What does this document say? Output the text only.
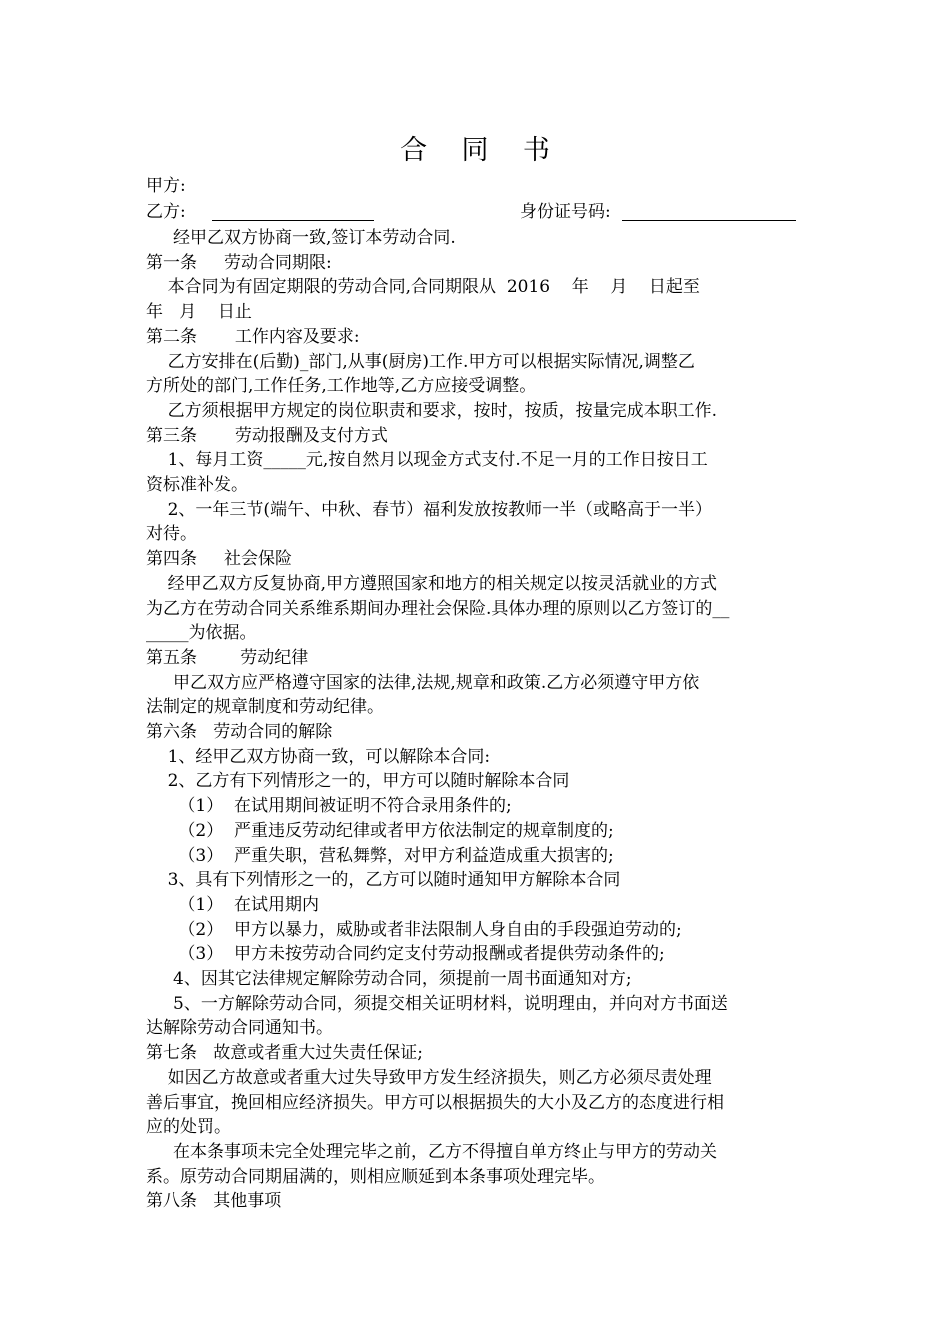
合    同    书
甲方:
乙方:	身份证号码:
经甲乙双方协商一致,签订本劳动合同.
第一条     劳动合同期限:
本合同为有固定期限的劳动合同,合同期限从  2016    年    月    日起至
年   月    日止
第二条       工作内容及要求:
乙方安排在(后勤)_部门,从事(厨房)工作.甲方可以根据实际情况,调整乙
方所处的部门,工作任务,工作地等,乙方应接受调整。
乙方须根据甲方规定的岗位职责和要求，按时，按质，按量完成本职工作.
第三条       劳动报酬及支付方式
1、每月工资_____元,按自然月以现金方式支付.不足一月的工作日按日工
资标准补发。
2、一年三节(端午、中秋、春节）福利发放按教师一半（或略高于一半）
对待。
第四条     社会保险
经甲乙双方反复协商,甲方遵照国家和地方的相关规定以按灵活就业的方式
为乙方在劳动合同关系维系期间办理社会保险.具体办理的原则以乙方签订的__
_____为依据。
第五条        劳动纪律
甲乙双方应严格遵守国家的法律,法规,规章和政策.乙方必须遵守甲方依
法制定的规章制度和劳动纪律。
第六条   劳动合同的解除
1、经甲乙双方协商一致，可以解除本合同:
2、乙方有下列情形之一的，甲方可以随时解除本合同
（1）  在试用期间被证明不符合录用条件的;
（2）  严重违反劳动纪律或者甲方依法制定的规章制度的;
（3）  严重失职，营私舞弊，对甲方利益造成重大损害的;
3、具有下列情形之一的，乙方可以随时通知甲方解除本合同
（1）  在试用期内
（2）  甲方以暴力，威胁或者非法限制人身自由的手段强迫劳动的;
（3）  甲方未按劳动合同约定支付劳动报酬或者提供劳动条件的;
4、因其它法律规定解除劳动合同，须提前一周书面通知对方;
5、一方解除劳动合同，须提交相关证明材料，说明理由，并向对方书面送
达解除劳动合同通知书。
第七条   故意或者重大过失责任保证;
如因乙方故意或者重大过失导致甲方发生经济损失，则乙方必须尽责处理
善后事宜，挽回相应经济损失。甲方可以根据损失的大小及乙方的态度进行相
应的处罚。
在本条事项未完全处理完毕之前，乙方不得擅自单方终止与甲方的劳动关
系。原劳动合同期届满的，则相应顺延到本条事项处理完毕。
第八条   其他事项
